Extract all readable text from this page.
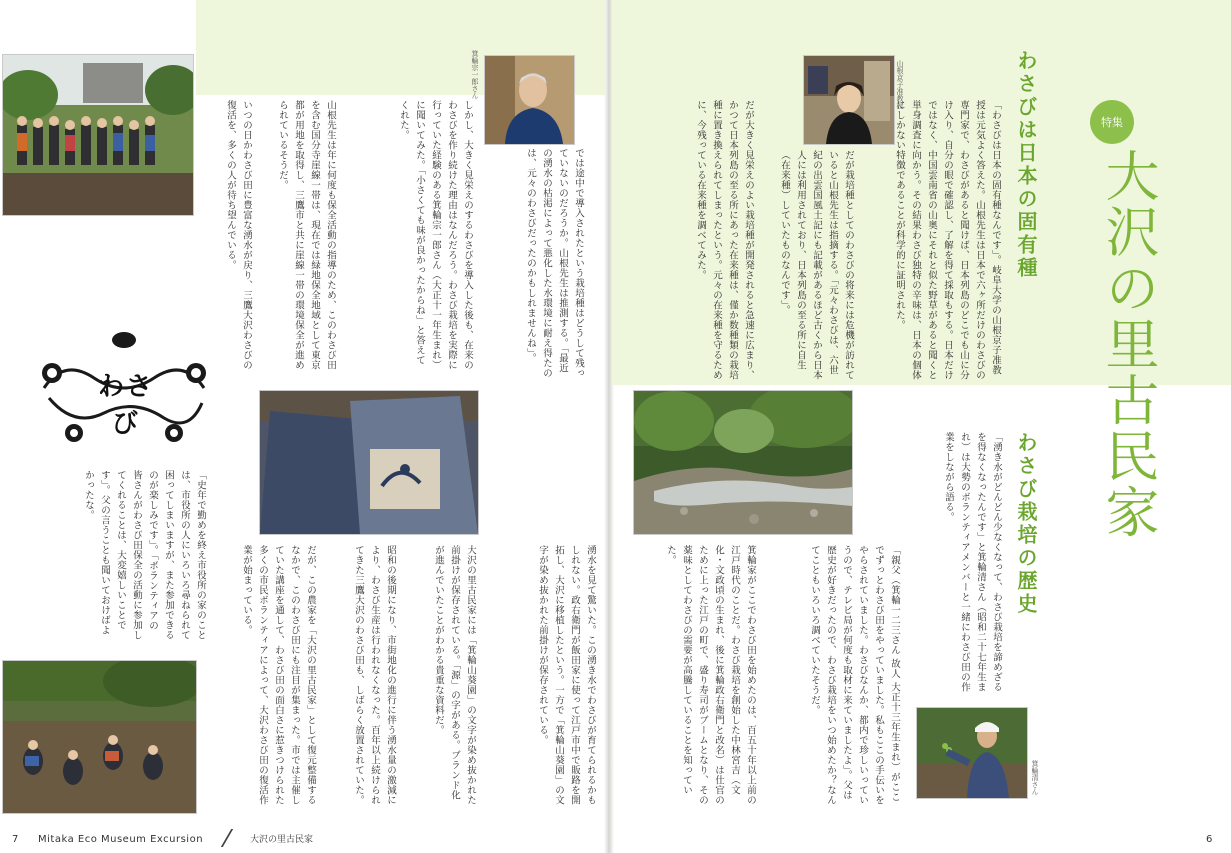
特集
大沢の里古民家
わさびは日本の固有種
わさび栽培の歴史
「わさびは日本の固有種なんです」。岐阜大学の山根京子准教授は元気よく答えた。山根先生は日本で六ヶ所だけのわさびの専門家で、わさびがあると聞けば、日本列島のどこでも山に分け入り、自分の眼で確認し、了解を得て採取もする。日本だけではなく、中国雲南省の山奥にそれと似た野草があると聞くと単身調査に向かう。その結果わさび独特の辛味は、日本の個体にしかない特徴であることが科学的に証明された。
だが栽培種としてのわさびの将来には危機が訪れていると山根先生は指摘する。「元々わさびは、六世紀の出雲国風土記にも記載があるほど古くから日本人には利用されており、日本列島の至る所に自生（在来種）していたものなんです」。
だが大きく見栄えのよい栽培種が開発されると急速に広まり、かつて日本列島の至る所にあった在来種は、僅か数種類の栽培種に置き換えられてしまったという。元々の在来種を守るために、今残っている在来種を調べてみた。
山根京子准教授
「湧き水がどんどん少なくなって、わさび栽培を諦めざるを得なくなったんです」と箕輪清さん（昭和二十七年生まれ）は大勢のボランティアメンバーと一緒にわさび田の作業をしながら語る。
「親父（箕輪一二三さん 故人 大正十三年生まれ）がここでずっとわさび田をやっていました。私もここの手伝いをやらされていました。わさびなんか、都内で珍しいっていうので、テレビ局が何度も取材に来ていましたよ」。父は歴史が好きだったので、わさび栽培をいつ始めたか？なんてこともいろいろ調べていたそうだ。
箕輪家がここでわさび田を始めたのは、百五十年以上前の江戸時代のことだ。わさび栽培を創始した中林宮吉（文化・文政頃の生まれ、後に箕輪政右衛門と改名）は仕官のために上った江戸の町で、盛り寿司がブームとなり、その薬味としてわさびの需要が高騰していることを知っていた。
箕輪清さん
箕輪宗一郎さん
では途中で導入されたという栽培種はどうして残っていないのだろうか。山根先生は推測する。「最近の湧水の枯渇によって悪化した水環境に耐え得たのは、元々のわさびだったのかもしれませんね」。
しかし、大きく見栄えのするわさびを導入した後も、在来のわさびを作り続けた理由はなんだろう。わさび栽培を実際に行っていた経験のある箕輪宗一郎さん（大正十一年生まれ）に聞いてみた。「小さくても味が良かったからね」と答えてくれた。
山根先生は年に何度も保全活動の指導のため、このわさび田を含む国分寺崖線一帯は、現在では緑地保全地域として東京都が用地を取得し、三鷹市と共に崖線一帯の環境保全が進められているそうだ。
いつの日かわさび田に豊富な湧水が戻り、三鷹大沢わさびの復活を、多くの人が待ち望んでいる。
わさび
湧水を見て驚いた。この湧き水でわさびが育てられるかもしれない。政右衛門が飯田家に使って江戸市中で販路を開拓し、大沢に移植したという。一方で「箕輪山葵園」の文字が染め抜かれた前掛けが保存されている。
大沢の里古民家には「箕輪山葵園」の文字が染め抜かれた前掛けが保存されている。「源」の字がある。ブランド化が進んでいたことがわかる貴重な資料だ。
昭和の後期になり、市街地化の進行に伴う湧水量の激減により、わさび生産は行われなくなった。百年以上続けられてきた三鷹大沢のわさび田も、しばらく放置されていた。
だが、この農家を「大沢の里古民家」として復元整備するなかで、このわさび田にも注目が集まった。市では主催していた講座を通して、わさび田の面白さに惹きつけられた多くの市民ボランティアによって、大沢わさび田の復活作業が始まっている。
「史年で勤めを終え市役所の家のことは、市役所の人にいろいろ尋ねられて困ってしまいますが、また参加できるのが楽しみです」。「ボランティアの皆さんがわさび田保全の活動に参加してくれることは、大変嬉しいことです」。父の言うことも聞いておけばよかったな。
7 Mitaka Eco Museum Excursion	大沢の里古民家	6
